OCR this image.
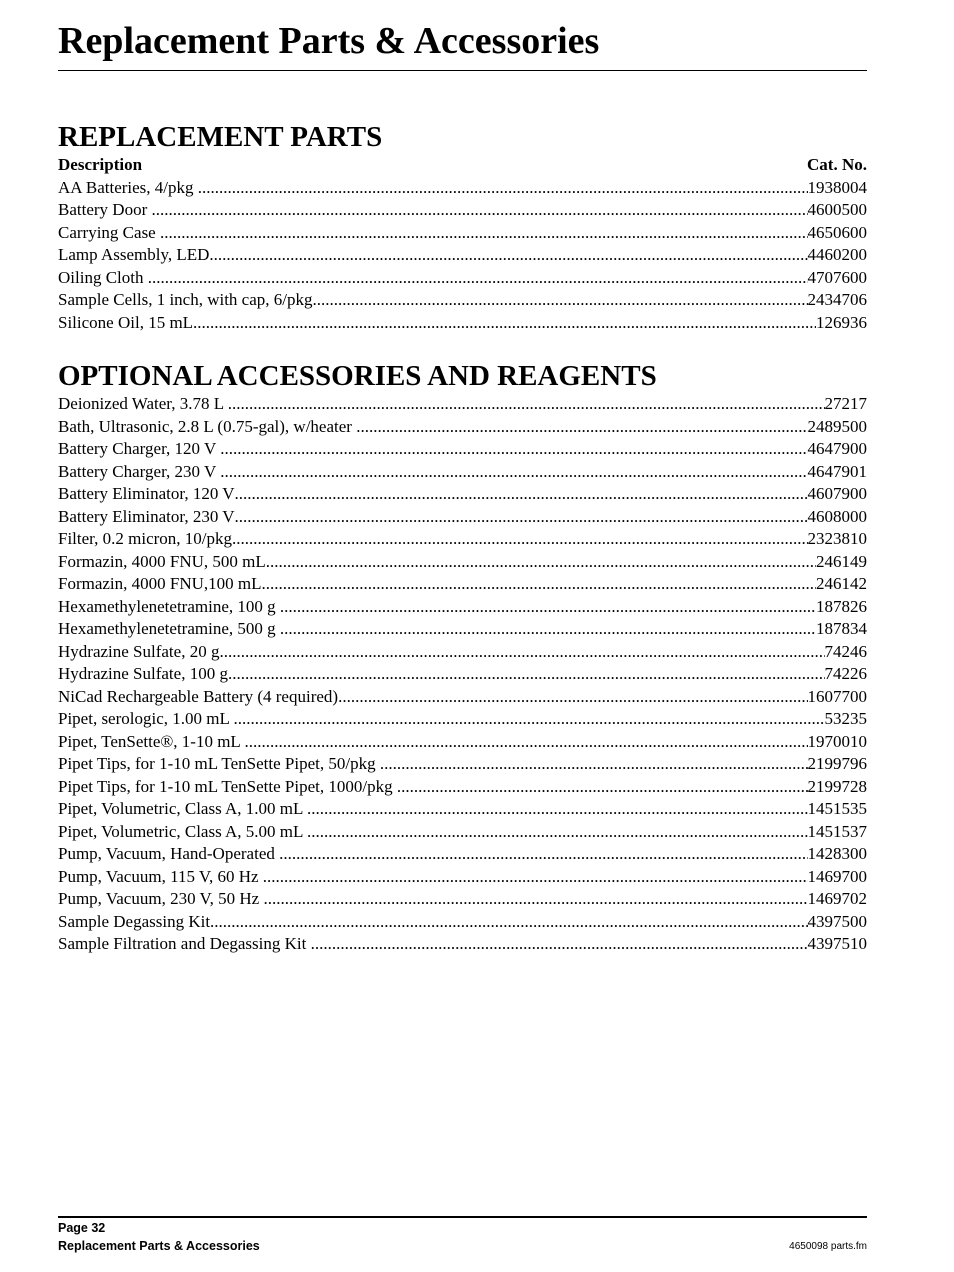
Replacement Parts & Accessories
REPLACEMENT PARTS
Description	Cat. No.
AA Batteries, 4/pkg .....	1938004
Battery Door .....	4600500
Carrying Case .....	4650600
Lamp Assembly, LED .....	4460200
Oiling Cloth .....	4707600
Sample Cells, 1 inch, with cap, 6/pkg .....	2434706
Silicone Oil, 15 mL .....	126936
OPTIONAL ACCESSORIES AND REAGENTS
Deionized Water, 3.78 L .....	27217
Bath, Ultrasonic, 2.8 L (0.75-gal), w/heater .....	2489500
Battery Charger, 120 V .....	4647900
Battery Charger, 230 V .....	4647901
Battery Eliminator, 120 V .....	4607900
Battery Eliminator, 230 V .....	4608000
Filter, 0.2 micron, 10/pkg .....	2323810
Formazin, 4000 FNU, 500 mL .....	246149
Formazin, 4000 FNU,100 mL .....	246142
Hexamethylenetetramine, 100 g .....	187826
Hexamethylenetetramine, 500 g .....	187834
Hydrazine Sulfate, 20 g .....	74246
Hydrazine Sulfate, 100 g .....	74226
NiCad Rechargeable Battery (4 required) .....	1607700
Pipet, serologic, 1.00 mL .....	53235
Pipet, TenSette®, 1-10 mL .....	1970010
Pipet Tips, for 1-10 mL TenSette Pipet, 50/pkg .....	2199796
Pipet Tips, for 1-10 mL TenSette Pipet, 1000/pkg .....	2199728
Pipet, Volumetric, Class A, 1.00 mL .....	1451535
Pipet, Volumetric, Class A, 5.00 mL .....	1451537
Pump, Vacuum, Hand-Operated .....	1428300
Pump, Vacuum, 115 V, 60 Hz .....	1469700
Pump, Vacuum, 230 V, 50 Hz .....	1469702
Sample Degassing Kit .....	4397500
Sample Filtration and Degassing Kit .....	4397510
Page 32
Replacement Parts & Accessories	4650098 parts.fm
